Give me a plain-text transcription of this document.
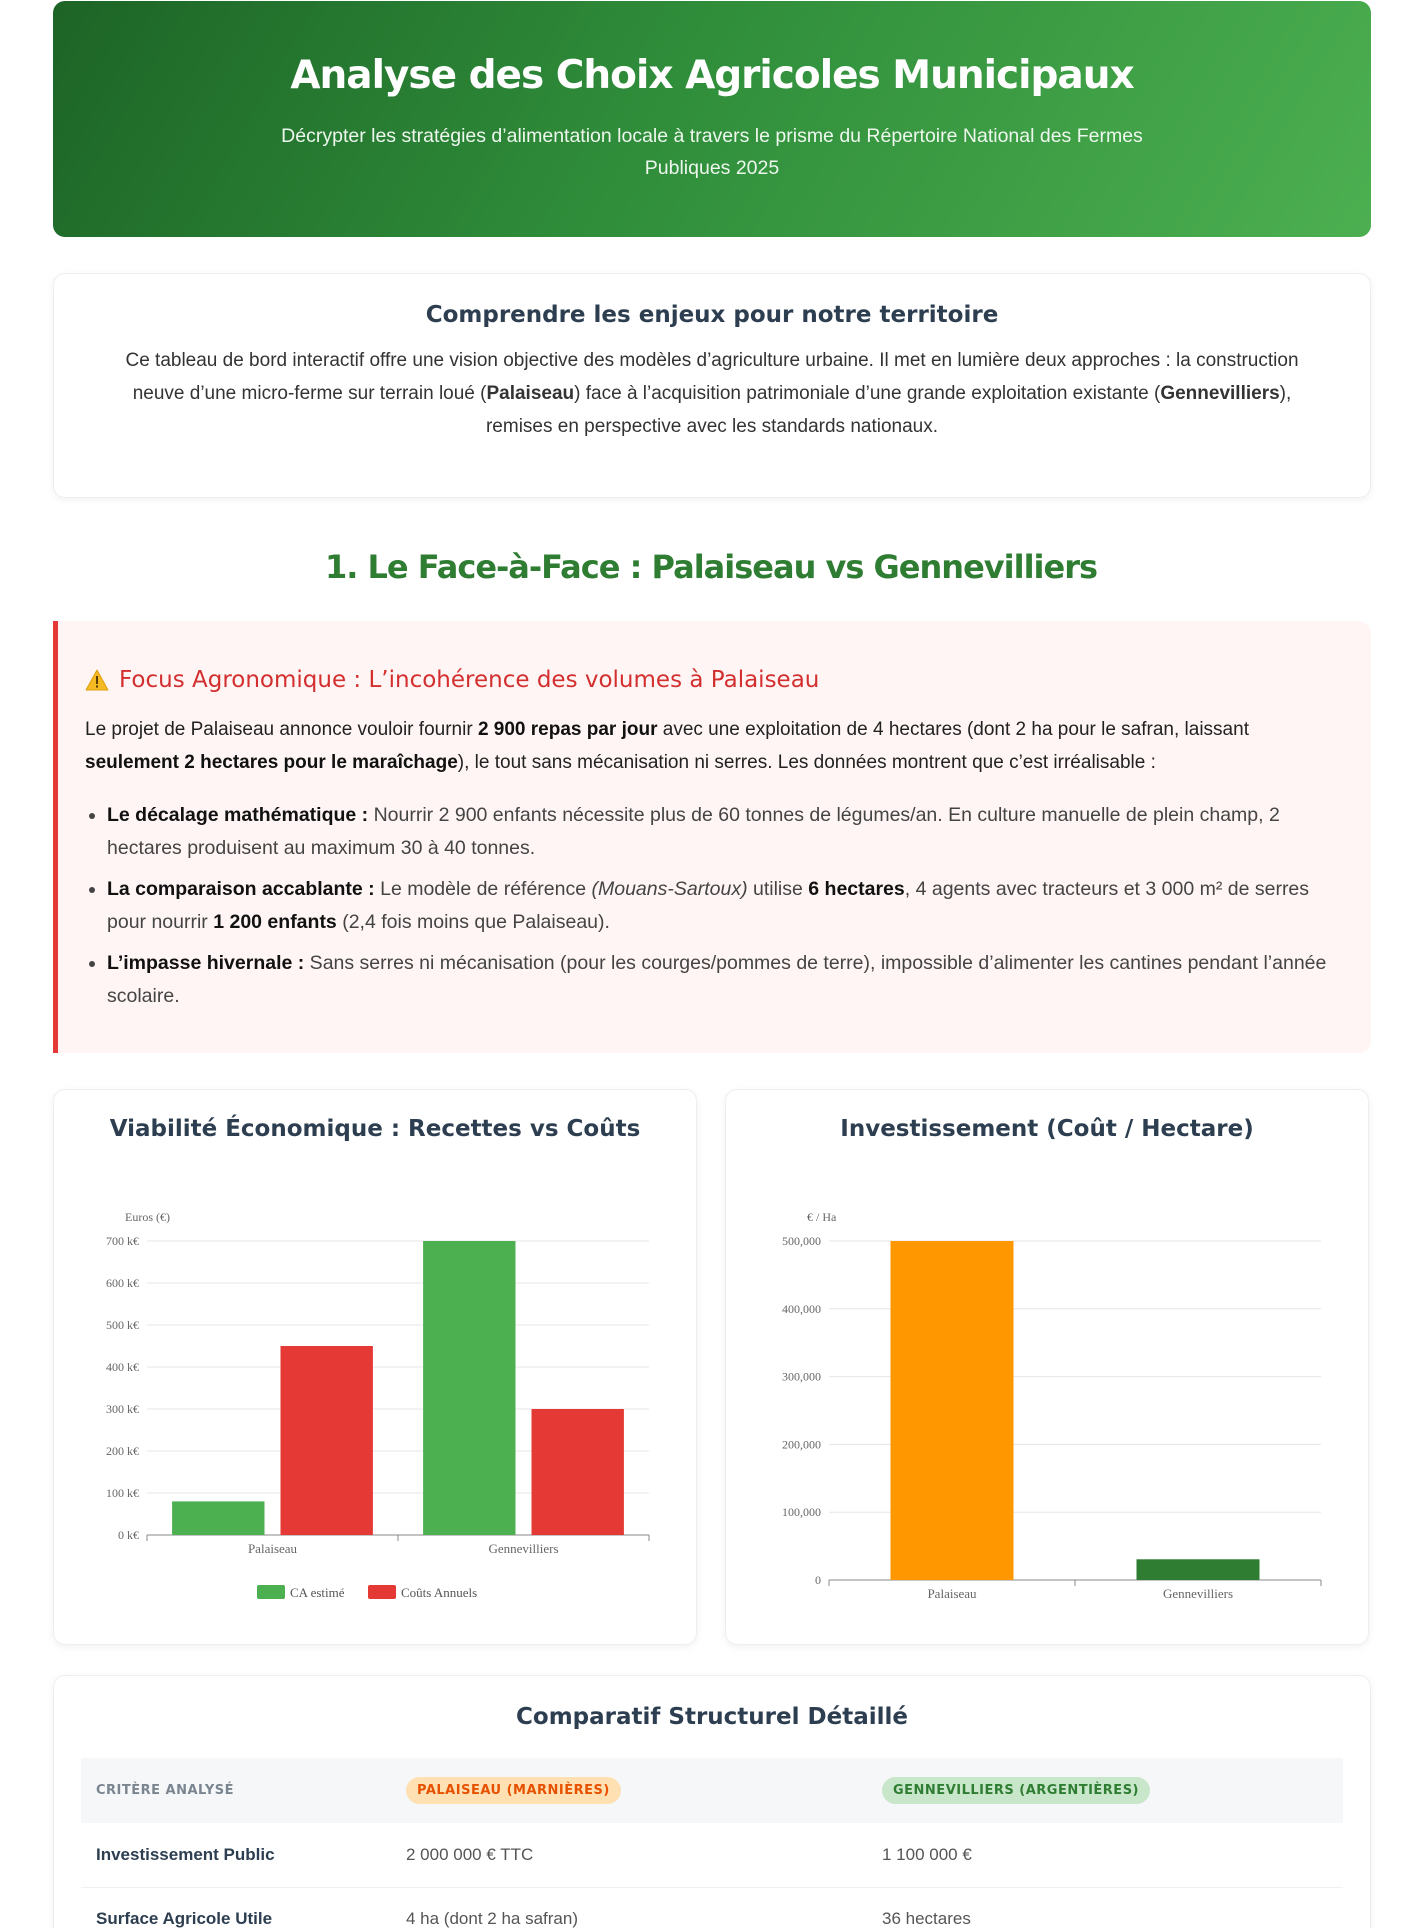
Analyse des Choix Agricoles Municipaux

Décrypter les stratégies d’alimentation locale à travers le prisme du Répertoire National des Fermes Publiques 2025

Comprendre les enjeux pour notre territoire

Ce tableau de bord interactif offre une vision objective des modèles d’agriculture urbaine. Il met en lumière deux approches : la construction neuve d’une micro-ferme sur terrain loué (Palaiseau) face à l’acquisition patrimoniale d’une grande exploitation existante (Gennevilliers), remises en perspective avec les standards nationaux.

1. Le Face-à-Face : Palaiseau vs Gennevilliers
Focus Agronomique : L’incohérence des volumes à Palaiseau

Le projet de Palaiseau annonce vouloir fournir 2 900 repas par jour avec une exploitation de 4 hectares (dont 2 ha pour le safran, laissant seulement 2 hectares pour le maraîchage), le tout sans mécanisation ni serres. Les données montrent que c’est irréalisable :

• Le décalage mathématique : Nourrir 2 900 enfants nécessite plus de 60 tonnes de légumes/an. En culture manuelle de plein champ, 2 hectares produisent au maximum 30 à 40 tonnes.
• La comparaison accablante : Le modèle de référence (Mouans-Sartoux) utilise 6 hectares, 4 agents avec tracteurs et 3 000 m² de serres pour nourrir 1 200 enfants (2,4 fois moins que Palaiseau).
• L’impasse hivernale : Sans serres ni mécanisation (pour les courges/pommes de terre), impossible d’alimenter les cantines pendant l’année scolaire.
Viabilité Économique : Recettes vs Coûts
Euros (€)
0 k€
100 k€
200 k€
300 k€
400 k€
500 k€
600 k€
700 k€
Palaiseau	Gennevilliers
CA estimé	Coûts Annuels
Investissement (Coût / Hectare)
€ / Ha
0
100,000
200,000
300,000
400,000
500,000
Palaiseau	Gennevilliers
Comparatif Structurel Détaillé
CRITÈRE ANALYSÉ	PALAISEAU (MARNIÈRES)	GENNEVILLIERS (ARGENTIÈRES)
Investissement Public	2 000 000 € TTC	1 100 000 €
Surface Agricole Utile	4 ha (dont 2 ha safran)	36 hectares
